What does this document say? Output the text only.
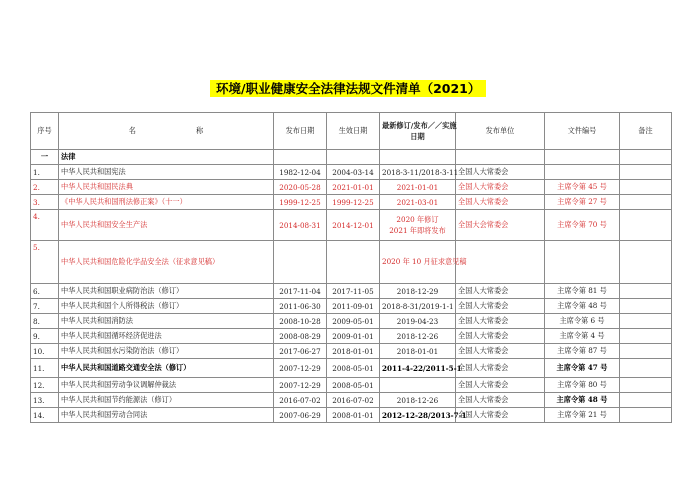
环境/职业健康安全法律法规文件清单（2021）
序号	名 称	发布日期	生效日期	最新修订/发布／／实施
日期	发布单位	文件编号	备注
一	法律						
1.	中华人民共和国宪法	1982-12-04	2004-03-14	2018-3-11/2018-3-11	全国人大常委会		
2.	中华人民共和国民法典	2020-05-28	2021-01-01	2021-01-01	全国人大常委会	主席令第 45 号	
3.	《中华人民共和国刑法修正案》（十一）	1999-12-25	1999-12-25	2021-03-01	全国人大常委会	主席令第 27 号	
4.	中华人民共和国安全生产法	2014-08-31	2014-12-01	2020 年修订
2021 年即将发布	全国大会常委会	主席令第 70 号	
5.	中华人民共和国危险化学品安全法（征求意见稿）			2020 年 10 月征求意见稿			
6.	中华人民共和国职业病防治法（修订）	2017-11-04	2017-11-05	2018-12-29	全国人大常委会	主席令第 81 号	
7.	中华人民共和国个人所得税法（修订）	2011-06-30	2011-09-01	2018-8-31/2019-1-1	全国人大常委会	主席令第 48 号	
8.	中华人民共和国消防法	2008-10-28	2009-05-01	2019-04-23	全国人大常委会	主席令第 6 号	
9.	中华人民共和国循环经济促进法	2008-08-29	2009-01-01	2018-12-26	全国人大常委会	主席令第 4 号	
10.	中华人民共和国水污染防治法（修订）	2017-06-27	2018-01-01	2018-01-01	全国人大常委会	主席令第 87 号	
11.	中华人民共和国道路交通安全法（修订）	2007-12-29	2008-05-01	2011-4-22/2011-5-1	全国人大常委会	主席令第 47 号	
12.	中华人民共和国劳动争议调解仲裁法	2007-12-29	2008-05-01		全国人大常委会	主席令第 80 号	
13.	中华人民共和国节约能源法（修订）	2016-07-02	2016-07-02	2018-12-26	全国人大常委会	主席令第 48 号	
14.	中华人民共和国劳动合同法	2007-06-29	2008-01-01	2012-12-28/2013-7-1	全国人大常委会	主席令第 21 号	
